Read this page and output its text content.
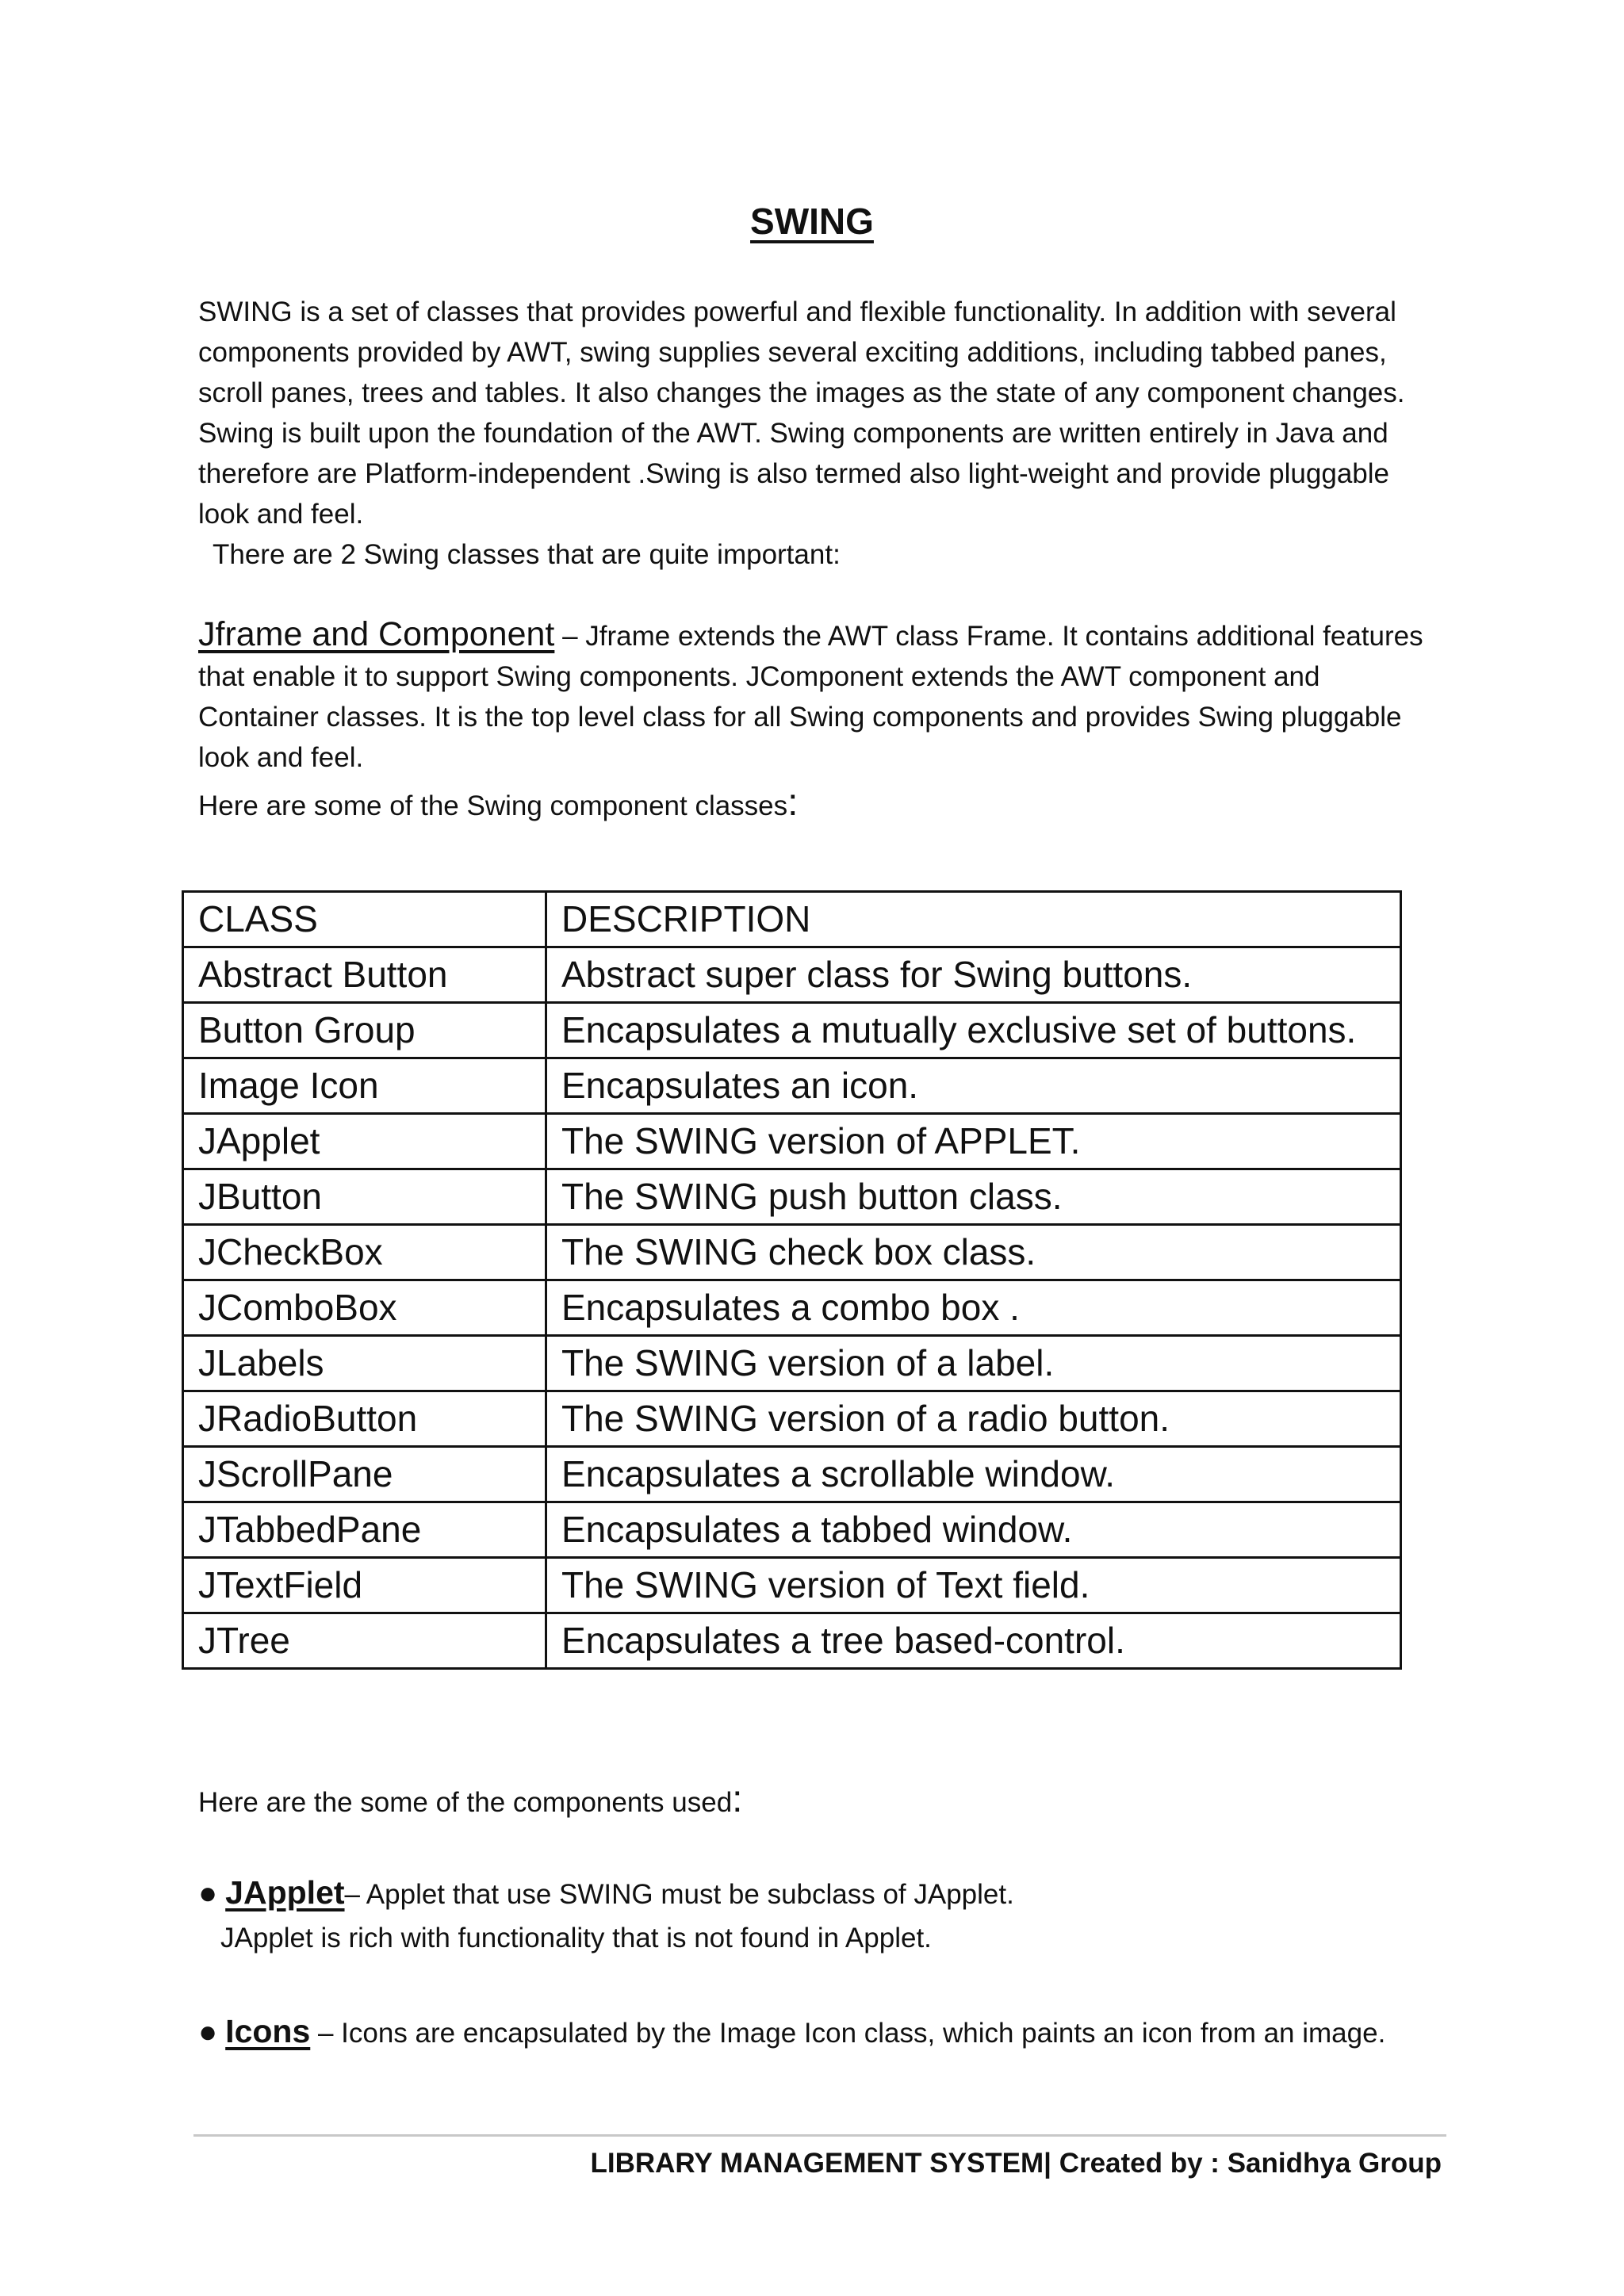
SWING

SWING is a set of classes that provides powerful and flexible functionality. In addition with several components provided by AWT, swing supplies several exciting additions, including tabbed panes, scroll panes, trees and tables. It also changes the images as the state of any component changes. Swing is built upon the foundation of the AWT. Swing components are written entirely in Java and therefore are Platform-independent .Swing is also termed also light-weight and provide pluggable look and feel.

There are 2 Swing classes that are quite important:

Jframe and Component – Jframe extends the AWT class Frame. It contains additional features that enable it to support Swing components. JComponent extends the AWT component and Container classes. It is the top level class for all Swing components and provides Swing pluggable look and feel.

Here are some of the Swing component classes:

CLASS	DESCRIPTION
Abstract Button	Abstract super class for Swing buttons.
Button Group	Encapsulates a mutually exclusive set of buttons.
Image Icon	Encapsulates an icon.
JApplet	The SWING version of APPLET.
JButton	The SWING push button class.
JCheckBox	The SWING check box class.
JComboBox	Encapsulates a combo box .
JLabels	The SWING version of a label.
JRadioButton	The SWING version of a radio button.
JScrollPane	Encapsulates a scrollable window.
JTabbedPane	Encapsulates a tabbed window.
JTextField	The SWING version of Text field.
JTree	Encapsulates a tree based-control.
Here are the some of the components used:
● JApplet– Applet that use SWING must be subclass of JApplet.
JApplet is rich with functionality that is not found in Applet.
● Icons – Icons are encapsulated by the Image Icon class, which paints an icon from an image.
LIBRARY MANAGEMENT SYSTEM| Created by : Sanidhya Group
